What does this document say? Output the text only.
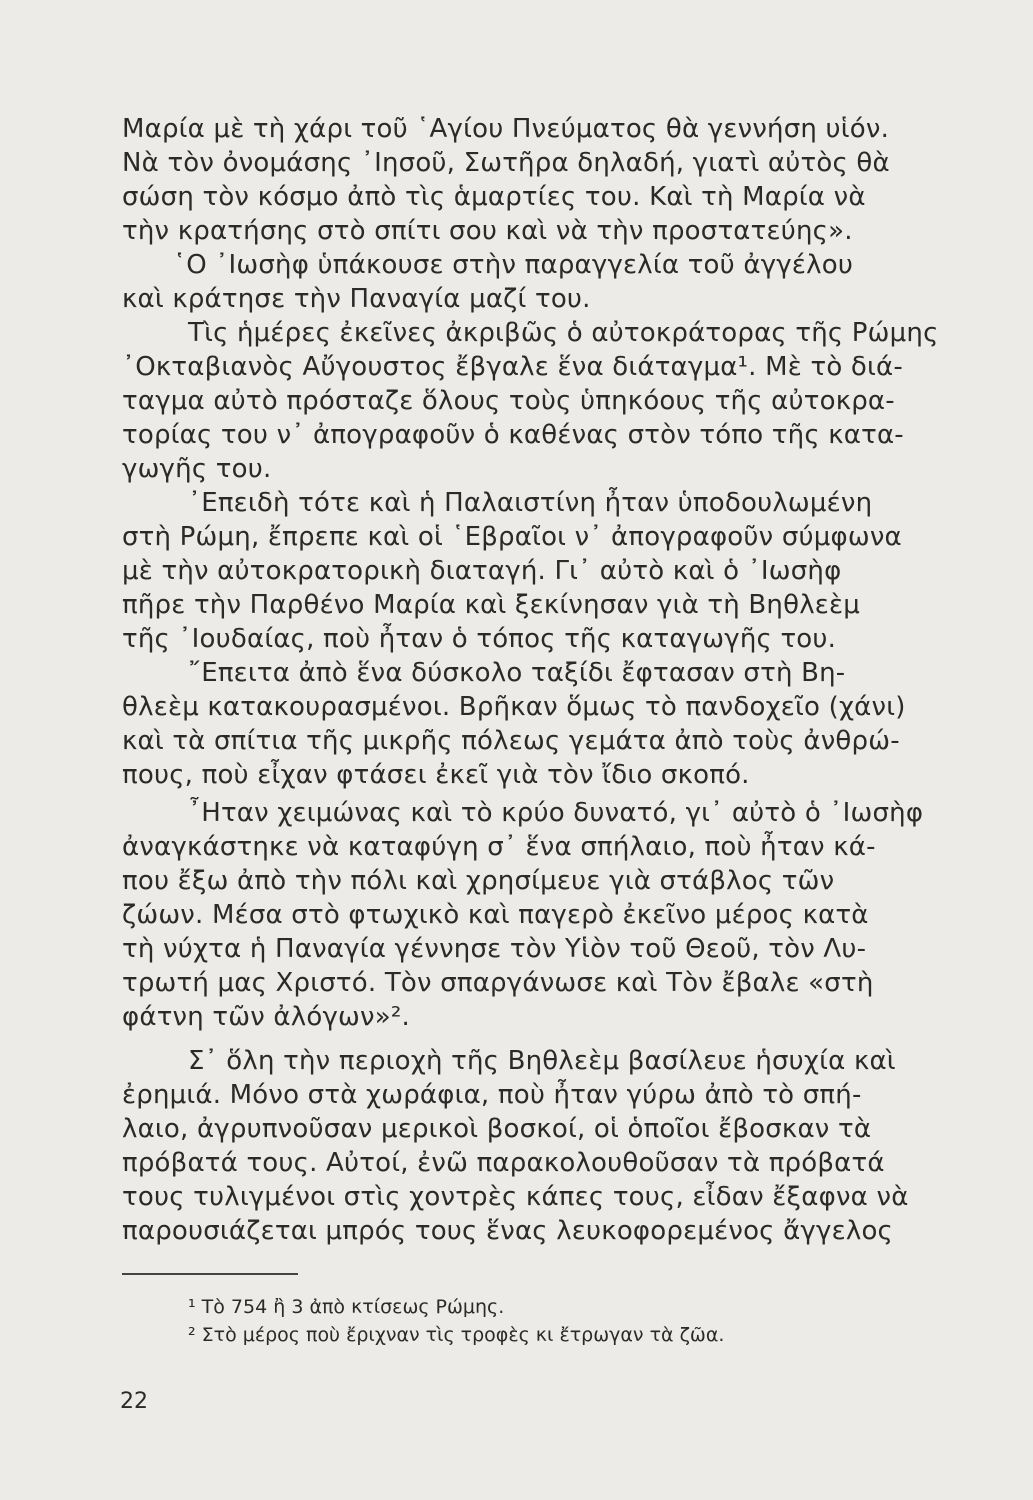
Μαρία μὲ τὴ χάρι τοῦ ῾Αγίου Πνεύματος θὰ γεννήση υἱόν.
Νὰ τὸν ὀνομάσης ᾿Ιησοῦ, Σωτῆρα δηλαδή, γιατὶ αὐτὸς θὰ
σώση τὸν κόσμο ἀπὸ τὶς ἁμαρτίες του. Καὶ τὴ Μαρία νὰ
τὴν κρατήσης στὸ σπίτι σου καὶ νὰ τὴν προστατεύης».
῾Ο ᾿Ιωσὴφ ὑπάκουσε στὴν παραγγελία τοῦ ἀγγέλου
καὶ κράτησε τὴν Παναγία μαζί του.
Τὶς ἡμέρες ἐκεῖνες ἀκριβῶς ὁ αὐτοκράτορας τῆς Ρώμης
᾿Οκταβιανὸς Αὔγουστος ἔβγαλε ἕνα διάταγμα¹. Μὲ τὸ διά-
ταγμα αὐτὸ πρόσταζε ὅλους τοὺς ὑπηκόους τῆς αὐτοκρα-
τορίας του ν᾿ ἀπογραφοῦν ὁ καθένας στὸν τόπο τῆς κατα-
γωγῆς του.
᾿Επειδὴ τότε καὶ ἡ Παλαιστίνη ἦταν ὑποδουλωμένη
στὴ Ρώμη, ἔπρεπε καὶ οἱ ῾Εβραῖοι ν᾿ ἀπογραφοῦν σύμφωνα
μὲ τὴν αὐτοκρατορικὴ διαταγή. Γι᾿ αὐτὸ καὶ ὁ ᾿Ιωσὴφ
πῆρε τὴν Παρθένο Μαρία καὶ ξεκίνησαν γιὰ τὴ Βηθλεὲμ
τῆς ᾿Ιουδαίας, ποὺ ἦταν ὁ τόπος τῆς καταγωγῆς του.
῎Επειτα ἀπὸ ἕνα δύσκολο ταξίδι ἔφτασαν στὴ Βη-
θλεὲμ κατακουρασμένοι. Βρῆκαν ὅμως τὸ πανδοχεῖο (χάνι)
καὶ τὰ σπίτια τῆς μικρῆς πόλεως γεμάτα ἀπὸ τοὺς ἀνθρώ-
πους, ποὺ εἶχαν φτάσει ἐκεῖ γιὰ τὸν ἴδιο σκοπό.
῏Ηταν χειμώνας καὶ τὸ κρύο δυνατό, γι᾿ αὐτὸ ὁ ᾿Ιωσὴφ
ἀναγκάστηκε νὰ καταφύγη σ᾿ ἕνα σπήλαιο, ποὺ ἦταν κά-
που ἔξω ἀπὸ τὴν πόλι καὶ χρησίμευε γιὰ στάβλος τῶν
ζώων. Μέσα στὸ φτωχικὸ καὶ παγερὸ ἐκεῖνο μέρος κατὰ
τὴ νύχτα ἡ Παναγία γέννησε τὸν Υἱὸν τοῦ Θεοῦ, τὸν Λυ-
τρωτή μας Χριστό. Τὸν σπαργάνωσε καὶ Τὸν ἔβαλε «στὴ
φάτνη τῶν ἀλόγων»².
Σ᾿ ὅλη τὴν περιοχὴ τῆς Βηθλεὲμ βασίλευε ἡσυχία καὶ
ἐρημιά. Μόνο στὰ χωράφια, ποὺ ἦταν γύρω ἀπὸ τὸ σπή-
λαιο, ἀγρυπνοῦσαν μερικοὶ βοσκοί, οἱ ὁποῖοι ἔβοσκαν τὰ
πρόβατά τους. Αὐτοί, ἐνῶ παρακολουθοῦσαν τὰ πρόβατά
τους τυλιγμένοι στὶς χοντρὲς κάπες τους, εἶδαν ἔξαφνα νὰ
παρουσιάζεται μπρός τους ἕνας λευκοφορεμένος ἄγγελος
¹ Τὸ 754 ἢ 3 ἀπὸ κτίσεως Ρώμης.
² Στὸ μέρος ποὺ ἔριχναν τὶς τροφὲς κι ἔτρωγαν τὰ ζῶα.
22
